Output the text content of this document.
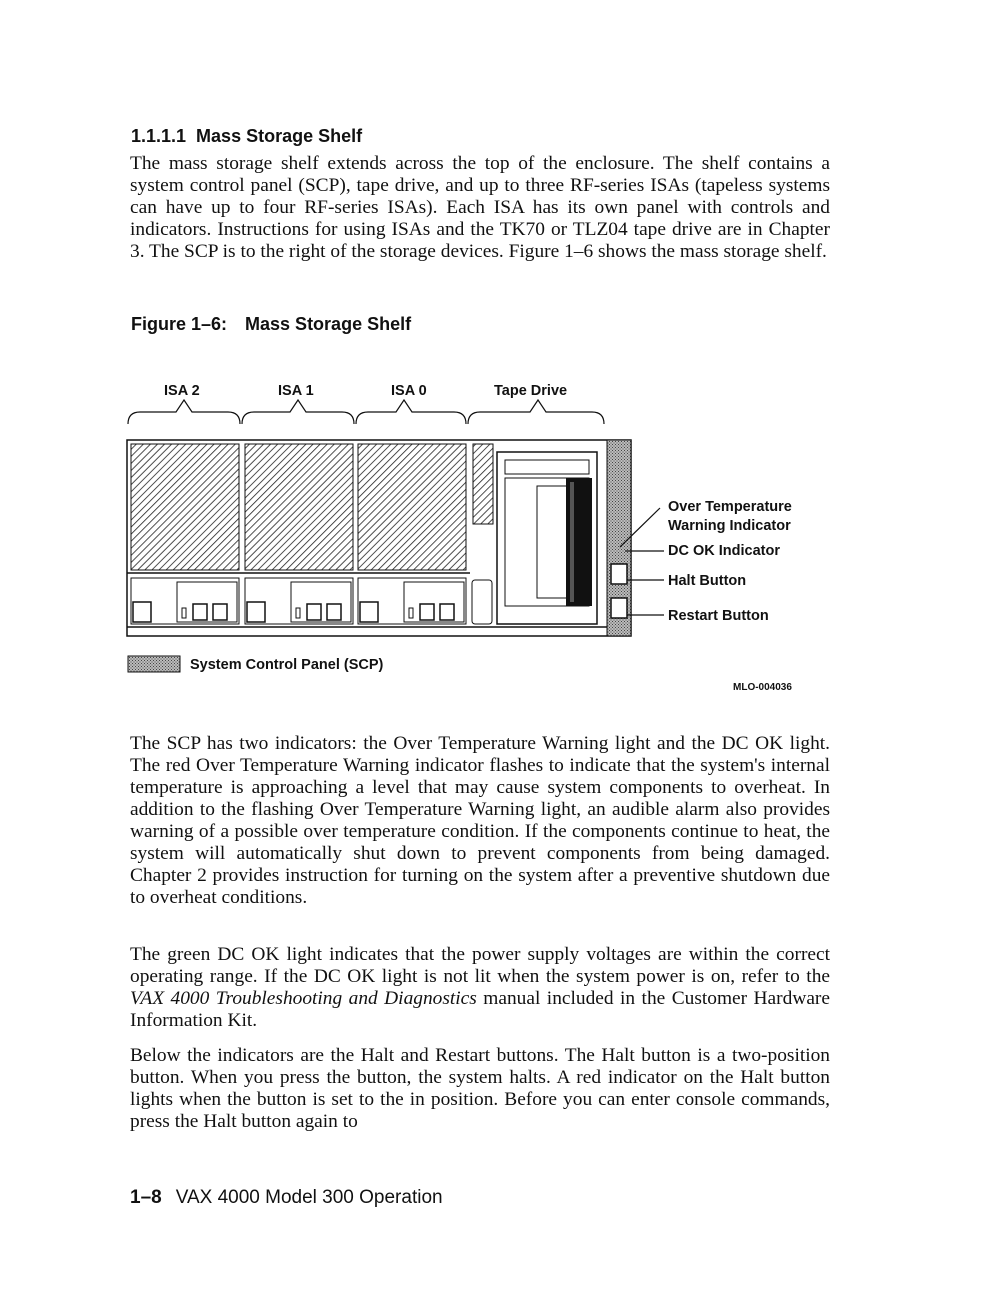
1.1.1.1 Mass Storage Shelf

The mass storage shelf extends across the top of the enclosure. The shelf contains a system control panel (SCP), tape drive, and up to three RF-series ISAs (tapeless systems can have up to four RF-series ISAs). Each ISA has its own panel with controls and indicators. Instructions for using ISAs and the TK70 or TLZ04 tape drive are in Chapter 3. The SCP is to the right of the storage devices. Figure 1–6 shows the mass storage shelf.

Figure 1–6: Mass Storage Shelf
ISA 2	ISA 1	ISA 0	Tape Drive
Over Temperature
Warning Indicator
DC OK Indicator
Halt Button
Restart Button
System Control Panel (SCP)
MLO-004036

The SCP has two indicators: the Over Temperature Warning light and the DC OK light. The red Over Temperature Warning indicator flashes to indicate that the system's internal temperature is approaching a level that may cause system components to overheat. In addition to the flashing Over Temperature Warning light, an audible alarm also provides warning of a possible over temperature condition. If the components continue to heat, the system will automatically shut down to prevent components from being damaged. Chapter 2 provides instruction for turning on the system after a preventive shutdown due to overheat conditions.

The green DC OK light indicates that the power supply voltages are within the correct operating range. If the DC OK light is not lit when the system power is on, refer to the VAX 4000 Troubleshooting and Diagnostics manual included in the Customer Hardware Information Kit.

Below the indicators are the Halt and Restart buttons. The Halt button is a two-position button. When you press the button, the system halts. A red indicator on the Halt button lights when the button is set to the in position. Before you can enter console commands, press the Halt button again to

1–8 VAX 4000 Model 300 Operation
